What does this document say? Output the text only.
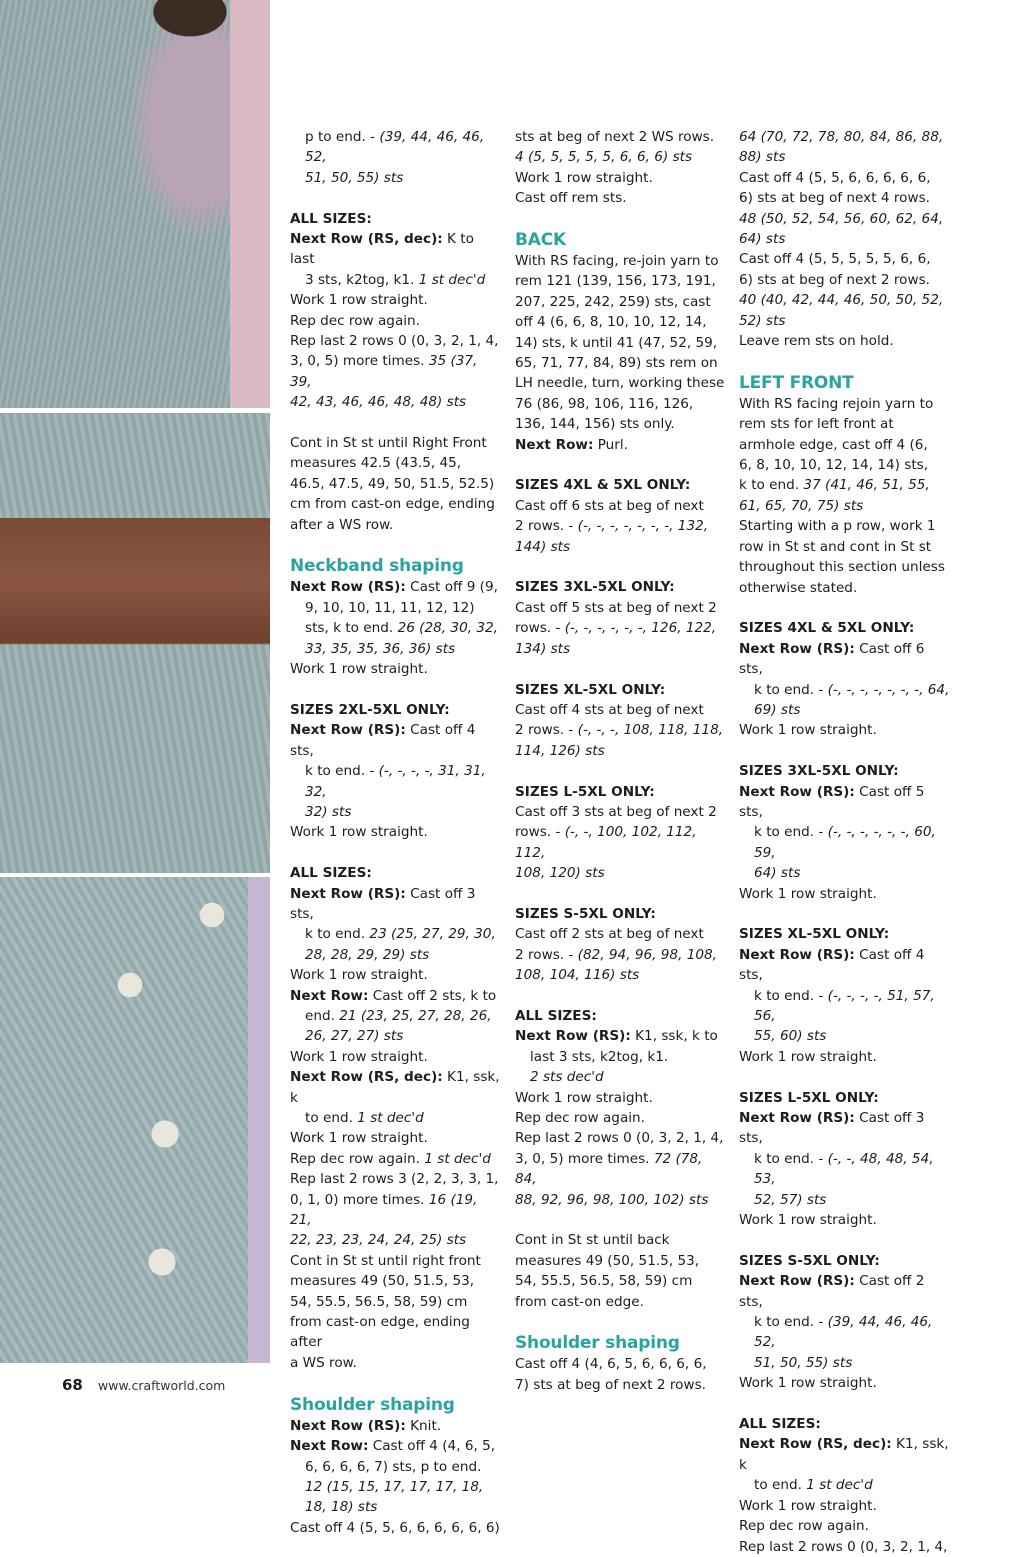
p to end. - (39, 44, 46, 46, 52,

51, 50, 55) sts

ALL SIZES:

Next Row (RS, dec): K to last

3 sts, k2tog, k1. 1 st dec'd

Work 1 row straight.

Rep dec row again.

Rep last 2 rows 0 (0, 3, 2, 1, 4,

3, 0, 5) more times. 35 (37, 39,

42, 43, 46, 46, 48, 48) sts

Cont in St st until Right Front

measures 42.5 (43.5, 45,

46.5, 47.5, 49, 50, 51.5, 52.5)

cm from cast-on edge, ending

after a WS row.

Neckband shaping

Next Row (RS): Cast off 9 (9,

9, 10, 10, 11, 11, 12, 12)

sts, k to end. 26 (28, 30, 32,

33, 35, 35, 36, 36) sts

Work 1 row straight.

SIZES 2XL-5XL ONLY:

Next Row (RS): Cast off 4 sts,

k to end. - (-, -, -, -, 31, 31, 32,

32) sts

Work 1 row straight.

ALL SIZES:

Next Row (RS): Cast off 3 sts,

k to end. 23 (25, 27, 29, 30,

28, 28, 29, 29) sts

Work 1 row straight.

Next Row: Cast off 2 sts, k to

end. 21 (23, 25, 27, 28, 26,

26, 27, 27) sts

Work 1 row straight.

Next Row (RS, dec): K1, ssk, k

to end. 1 st dec'd

Work 1 row straight.

Rep dec row again. 1 st dec'd

Rep last 2 rows 3 (2, 2, 3, 3, 1,

0, 1, 0) more times. 16 (19, 21,

22, 23, 23, 24, 24, 25) sts

Cont in St st until right front

measures 49 (50, 51.5, 53,

54, 55.5, 56.5, 58, 59) cm

from cast-on edge, ending after

a WS row.

Shoulder shaping

Next Row (RS): Knit.

Next Row: Cast off 4 (4, 6, 5,

6, 6, 6, 6, 7) sts, p to end.

12 (15, 15, 17, 17, 17, 18,

18, 18) sts

Cast off 4 (5, 5, 6, 6, 6, 6, 6, 6)

sts at beg of next 2 WS rows.

4 (5, 5, 5, 5, 5, 6, 6, 6) sts

Work 1 row straight.

Cast off rem sts.

BACK

With RS facing, re-join yarn to

rem 121 (139, 156, 173, 191,

207, 225, 242, 259) sts, cast

off 4 (6, 6, 8, 10, 10, 12, 14,

14) sts, k until 41 (47, 52, 59,

65, 71, 77, 84, 89) sts rem on

LH needle, turn, working these

76 (86, 98, 106, 116, 126,

136, 144, 156) sts only.

Next Row: Purl.

SIZES 4XL & 5XL ONLY:

Cast off 6 sts at beg of next

2 rows. - (-, -, -, -, -, -, -, 132,

144) sts

SIZES 3XL-5XL ONLY:

Cast off 5 sts at beg of next 2

rows. - (-, -, -, -, -, -, 126, 122,

134) sts

SIZES XL-5XL ONLY:

Cast off 4 sts at beg of next

2 rows. - (-, -, -, 108, 118, 118,

114, 126) sts

SIZES L-5XL ONLY:

Cast off 3 sts at beg of next 2

rows. - (-, -, 100, 102, 112, 112,

108, 120) sts

SIZES S-5XL ONLY:

Cast off 2 sts at beg of next

2 rows. - (82, 94, 96, 98, 108,

108, 104, 116) sts

ALL SIZES:

Next Row (RS): K1, ssk, k to

last 3 sts, k2tog, k1.

2 sts dec'd

Work 1 row straight.

Rep dec row again.

Rep last 2 rows 0 (0, 3, 2, 1, 4,

3, 0, 5) more times. 72 (78, 84,

88, 92, 96, 98, 100, 102) sts

Cont in St st until back

measures 49 (50, 51.5, 53,

54, 55.5, 56.5, 58, 59) cm

from cast-on edge.

Shoulder shaping

Cast off 4 (4, 6, 5, 6, 6, 6, 6,

7) sts at beg of next 2 rows.

64 (70, 72, 78, 80, 84, 86, 88,

88) sts

Cast off 4 (5, 5, 6, 6, 6, 6, 6,

6) sts at beg of next 4 rows.

48 (50, 52, 54, 56, 60, 62, 64,

64) sts

Cast off 4 (5, 5, 5, 5, 5, 6, 6,

6) sts at beg of next 2 rows.

40 (40, 42, 44, 46, 50, 50, 52,

52) sts

Leave rem sts on hold.

LEFT FRONT

With RS facing rejoin yarn to

rem sts for left front at

armhole edge, cast off 4 (6,

6, 8, 10, 10, 12, 14, 14) sts,

k to end. 37 (41, 46, 51, 55,

61, 65, 70, 75) sts

Starting with a p row, work 1

row in St st and cont in St st

throughout this section unless

otherwise stated.

SIZES 4XL & 5XL ONLY:

Next Row (RS): Cast off 6 sts,

k to end. - (-, -, -, -, -, -, -, 64,

69) sts

Work 1 row straight.

SIZES 3XL-5XL ONLY:

Next Row (RS): Cast off 5 sts,

k to end. - (-, -, -, -, -, -, 60, 59,

64) sts

Work 1 row straight.

SIZES XL-5XL ONLY:

Next Row (RS): Cast off 4 sts,

k to end. - (-, -, -, -, 51, 57, 56,

55, 60) sts

Work 1 row straight.

SIZES L-5XL ONLY:

Next Row (RS): Cast off 3 sts,

k to end. - (-, -, 48, 48, 54, 53,

52, 57) sts

Work 1 row straight.

SIZES S-5XL ONLY:

Next Row (RS): Cast off 2 sts,

k to end. - (39, 44, 46, 46, 52,

51, 50, 55) sts

Work 1 row straight.

ALL SIZES:

Next Row (RS, dec): K1, ssk, k

to end. 1 st dec'd

Work 1 row straight.

Rep dec row again.

Rep last 2 rows 0 (0, 3, 2, 1, 4,

68 www.craftworld.com
